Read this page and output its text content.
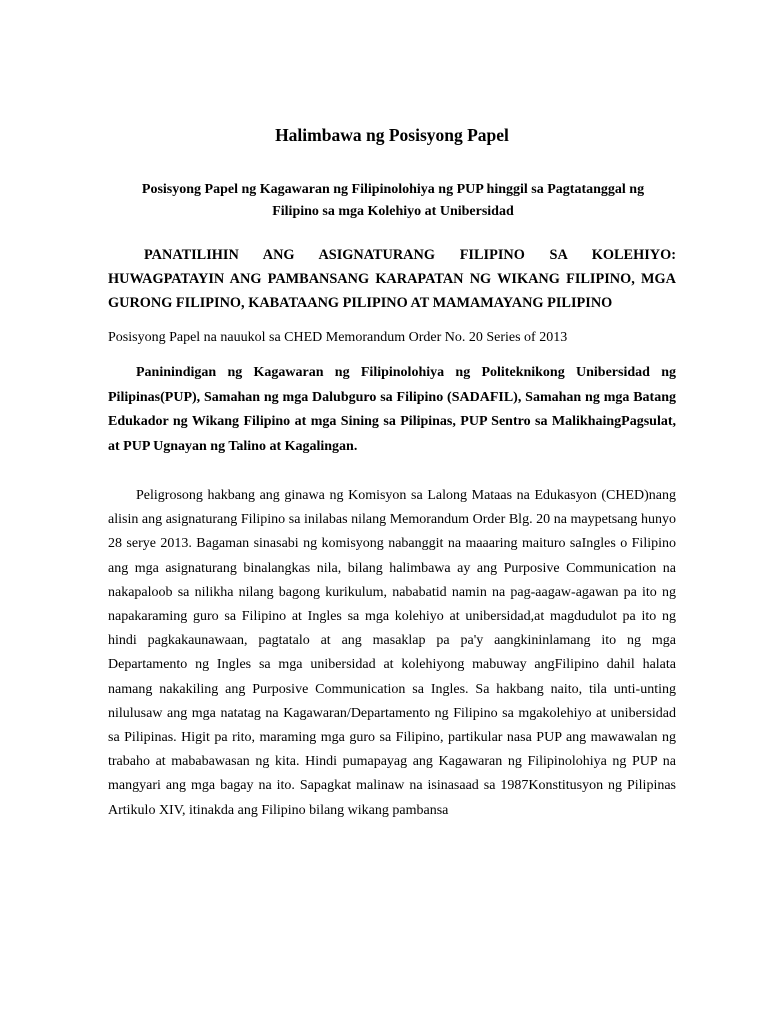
Halimbawa ng Posisyong Papel

Posisyong Papel ng Kagawaran ng Filipinolohiya ng PUP hinggil sa Pagtatanggal ng Filipino sa mga Kolehiyo at Unibersidad

PANATILIHIN ANG ASIGNATURANG FILIPINO SA KOLEHIYO: HUWAGPATAYIN ANG PAMBANSANG KARAPATAN NG WIKANG FILIPINO, MGA GURONG FILIPINO, KABATAANG PILIPINO AT MAMAMAYANG PILIPINO

Posisyong Papel na nauukol sa CHED Memorandum Order No. 20 Series of 2013

Paninindigan ng Kagawaran ng Filipinolohiya ng Politeknikong Unibersidad ng Pilipinas(PUP), Samahan ng mga Dalubguro sa Filipino (SADAFIL), Samahan ng mga Batang Edukador ng Wikang Filipino at mga Sining sa Pilipinas, PUP Sentro sa MalikhaingPagsulat, at PUP Ugnayan ng Talino at Kagalingan.

Peligrosong hakbang ang ginawa ng Komisyon sa Lalong Mataas na Edukasyon (CHED)nang alisin ang asignaturang Filipino sa inilabas nilang Memorandum Order Blg. 20 na maypetsang hunyo 28 serye 2013. Bagaman sinasabi ng komisyong nabanggit na maaaring maituro saIngles o Filipino ang mga asignaturang binalangkas nila, bilang halimbawa ay ang Purposive Communication na nakapaloob sa nilikha nilang bagong kurikulum, nababatid namin na pag-aagaw-agawan pa ito ng napakaraming guro sa Filipino at Ingles sa mga kolehiyo at unibersidad,at magdudulot pa ito ng hindi pagkakaunawaan, pagtatalo at ang masaklap pa pa'y aangkininlamang ito ng mga Departamento ng Ingles sa mga unibersidad at kolehiyong mabuway angFilipino dahil halata namang nakakiling ang Purposive Communication sa Ingles. Sa hakbang naito, tila unti-unting nilulusaw ang mga natatag na Kagawaran/Departamento ng Filipino sa mgakolehiyo at unibersidad sa Pilipinas. Higit pa rito, maraming mga guro sa Filipino, partikular nasa PUP ang mawawalan ng trabaho at mababawasan ng kita. Hindi pumapayag ang Kagawaran ng Filipinolohiya ng PUP na mangyari ang mga bagay na ito. Sapagkat malinaw na isinasaad sa 1987Konstitusyon ng Pilipinas Artikulo XIV, itinakda ang Filipino bilang wikang pambansa
